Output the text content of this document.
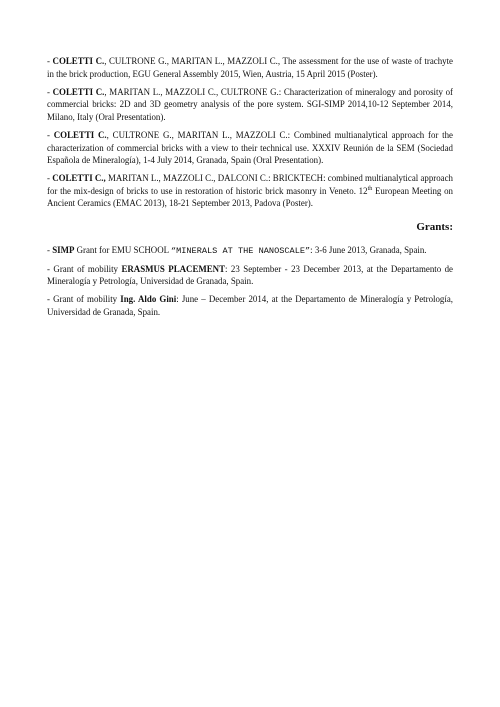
- COLETTI C., CULTRONE G., MARITAN L., MAZZOLI C., The assessment for the use of waste of trachyte in the brick production, EGU General Assembly 2015, Wien, Austria, 15 April 2015 (Poster).

- COLETTI C., MARITAN L., MAZZOLI C., CULTRONE G.: Characterization of mineralogy and porosity of commercial bricks: 2D and 3D geometry analysis of the pore system. SGI-SIMP 2014,10-12 September 2014, Milano, Italy (Oral Presentation).

- COLETTI C., CULTRONE G., MARITAN L., MAZZOLI C.: Combined multianalytical approach for the characterization of commercial bricks with a view to their technical use. XXXIV Reunión de la SEM (Sociedad Española de Mineralogía), 1-4 July 2014, Granada, Spain (Oral Presentation).

- COLETTI C., MARITAN L., MAZZOLI C., DALCONI C.: BRICKTECH: combined multianalytical approach for the mix-design of bricks to use in restoration of historic brick masonry in Veneto. 12th European Meeting on Ancient Ceramics (EMAC 2013), 18-21 September 2013, Padova (Poster).

Grants:

- SIMP Grant for EMU SCHOOL “MINERALS AT THE NANOSCALE”: 3-6 June 2013, Granada, Spain.

- Grant of mobility ERASMUS PLACEMENT: 23 September - 23 December 2013, at the Departamento de Mineralogía y Petrología, Universidad de Granada, Spain.

- Grant of mobility Ing. Aldo Gini: June – December 2014, at the Departamento de Mineralogía y Petrología, Universidad de Granada, Spain.
